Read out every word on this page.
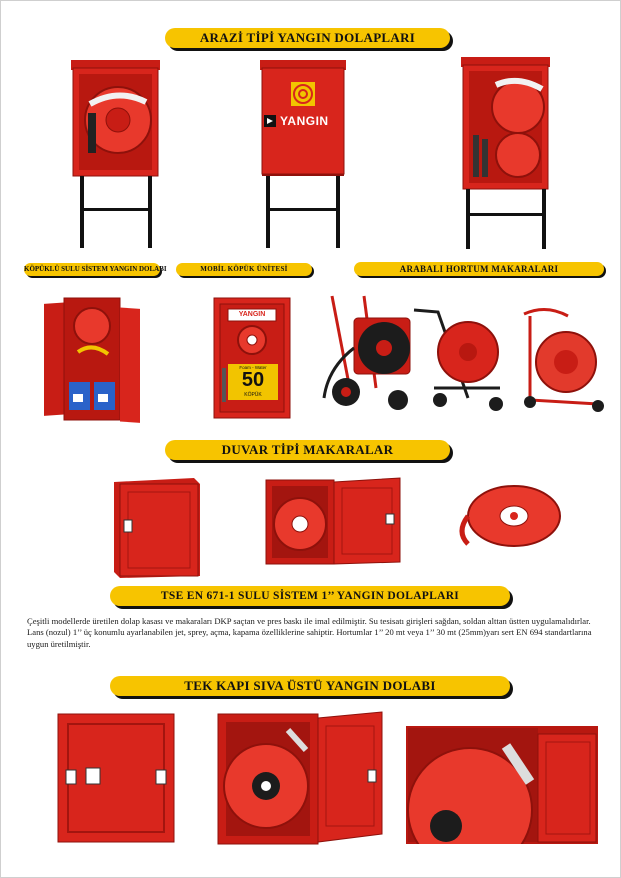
ARAZİ TİPİ YANGIN DOLAPLARI
YANGIN
KÖPÜKLÜ SULU SİSTEM YANGIN DOLABI	MOBİL KÖPÜK ÜNİTESİ	ARABALI HORTUM MAKARALARI
YANGIN
Foam - Water
50
KÖPÜK
DUVAR TİPİ MAKARALAR
TSE EN 671-1 SULU SİSTEM 1’’ YANGIN DOLAPLARI

Çeşitli modellerde üretilen dolap kasası ve makaraları DKP saçtan ve pres baskı ile imal edilmiştir. Su tesisatı girişleri sağdan, soldan alttan üstten uygulamalıdırlar. Lans (nozul) 1’’ üç konumlu ayarlanabilen jet, sprey, açma, kapama özelliklerine sahiptir. Hortumlar 1’’ 20 mt veya 1’’ 30 mt (25mm)yarı sert EN 694 standartlarına uygun üretilmiştir.

TEK KAPI SIVA ÜSTÜ YANGIN DOLABI
